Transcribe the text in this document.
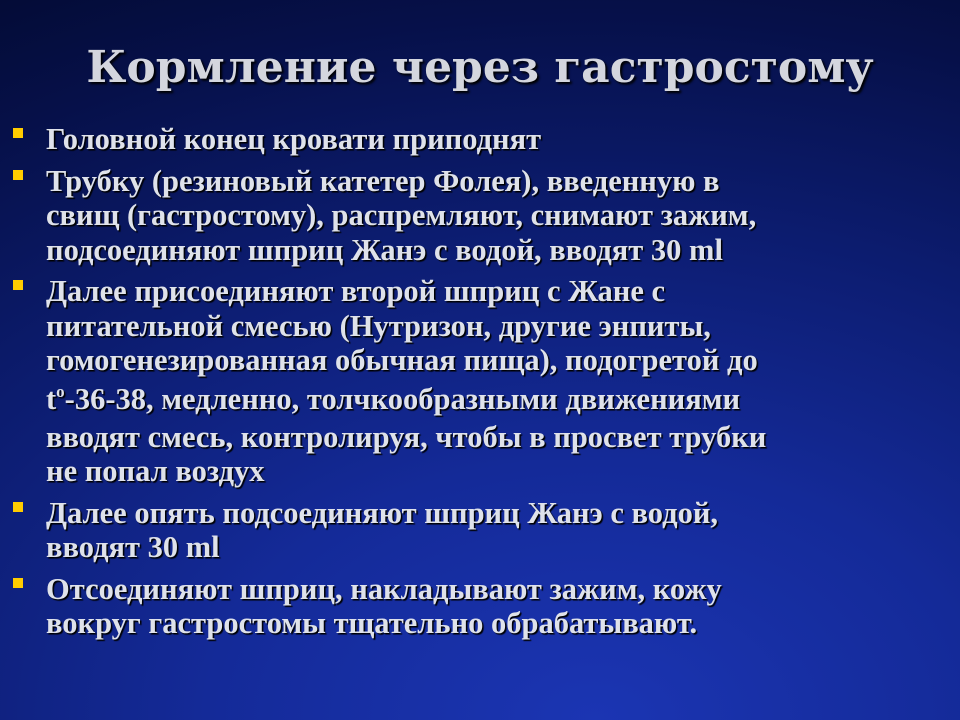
Кормление через гастростому
Головной конец кровати приподнят
Трубку (резиновый катетер Фолея), введенную в
свищ (гастростому), распремляют, снимают зажим,
подсоединяют шприц Жанэ с водой, вводят 30 ml
Далее присоединяют второй шприц с Жане с
питательной смесью (Нутризон, другие энпиты,
гомогенезированная обычная пища), подогретой до
$t^о-36-38$, медленно, толчкообразными движениями
вводят смесь, контролируя, чтобы в просвет трубки
не попал воздух
Далее опять подсоединяют шприц Жанэ с водой,
вводят 30 ml
Отсоединяют шприц, накладывают зажим, кожу
вокруг гастростомы тщательно обрабатывают.
